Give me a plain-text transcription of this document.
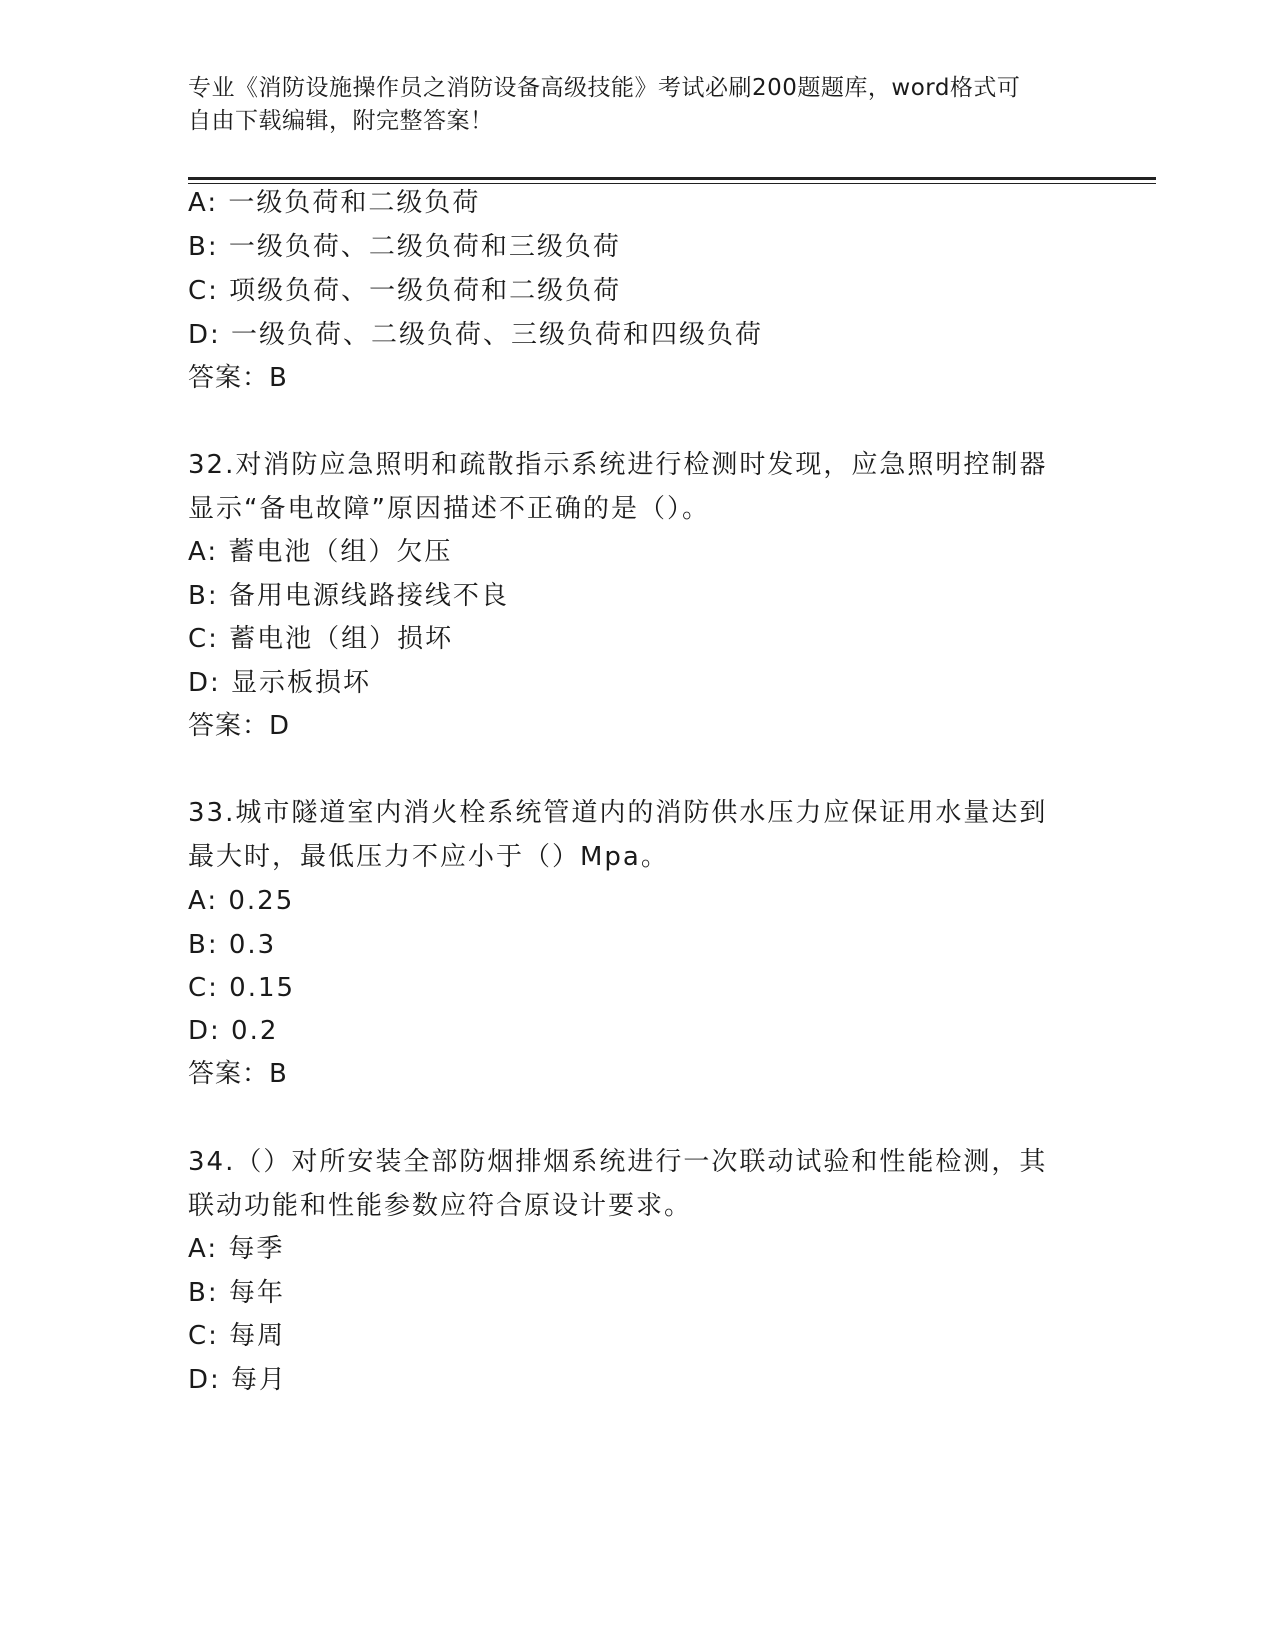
专业《消防设施操作员之消防设备高级技能》考试必刷200题题库，word格式可
自由下载编辑，附完整答案！
A: 一级负荷和二级负荷
B: 一级负荷、二级负荷和三级负荷
C: 项级负荷、一级负荷和二级负荷
D: 一级负荷、二级负荷、三级负荷和四级负荷
答案：B
32.对消防应急照明和疏散指示系统进行检测时发现，应急照明控制器
显示“备电故障”原因描述不正确的是（）。
A: 蓄电池（组）欠压
B: 备用电源线路接线不良
C: 蓄电池（组）损坏
D: 显示板损坏
答案：D
33.城市隧道室内消火栓系统管道内的消防供水压力应保证用水量达到
最大时，最低压力不应小于（）Mpa。
A: 0.25
B: 0.3
C: 0.15
D: 0.2
答案：B
34.（）对所安装全部防烟排烟系统进行一次联动试验和性能检测，其
联动功能和性能参数应符合原设计要求。
A: 每季
B: 每年
C: 每周
D: 每月
